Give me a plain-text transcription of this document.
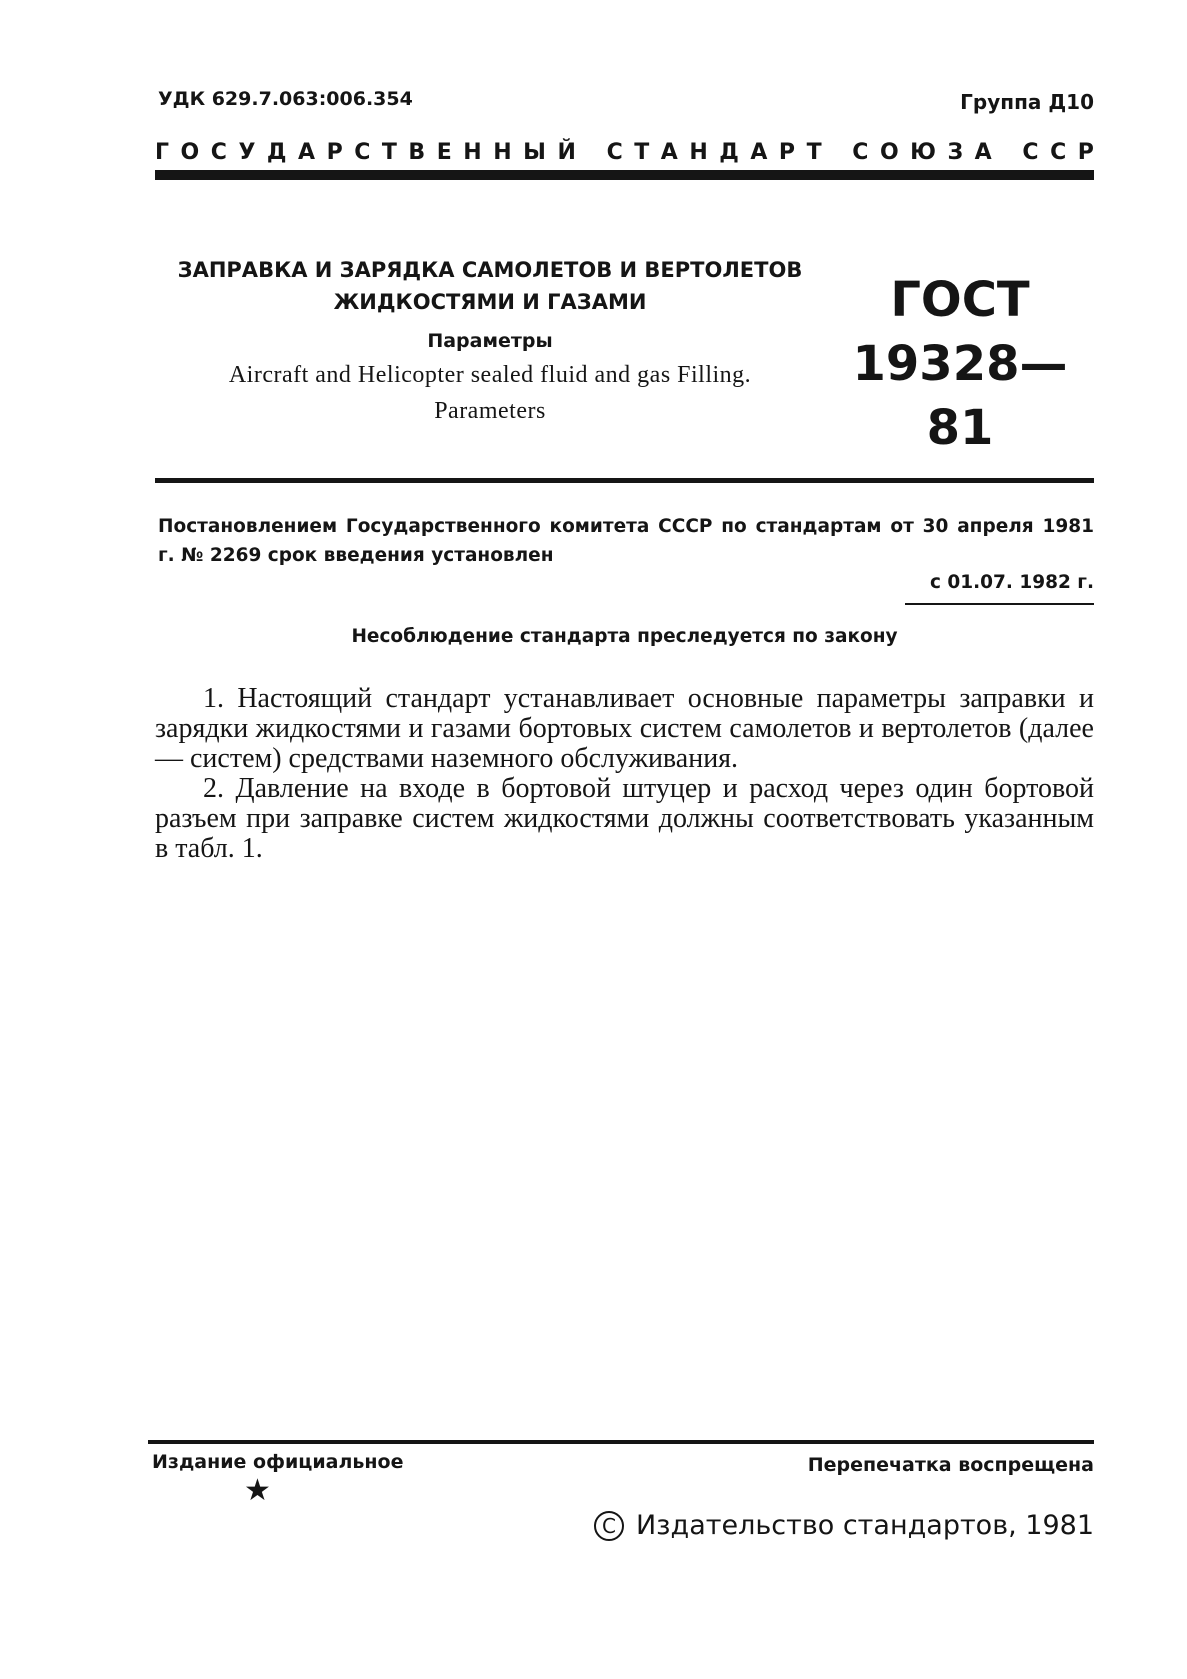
УДК 629.7.063:006.354	Группа Д10
Г О С У Д А Р С Т В Е Н Н Ы Й
С Т А Н Д А Р Т
С О Ю З А
С С Р
ЗАПРАВКА И ЗАРЯДКА САМОЛЕТОВ И ВЕРТОЛЕТОВ
ЖИДКОСТЯМИ И ГАЗАМИ
Параметры
Aircraft and Helicopter sealed fluid and gas Filling.
Parameters
ГОСТ
19328—81
Постановлением Государственного комитета СССР по стандартам от 30 апреля 1981 г. № 2269 срок введения установлен
с 01.07. 1982 г.
Несоблюдение стандарта преследуется по закону

1. Настоящий стандарт устанавливает основные параметры заправки и зарядки жидкостями и газами бортовых систем самолетов и вертолетов (далее — систем) средствами наземного обслуживания.

2. Давление на входе в бортовой штуцер и расход через один бортовой разъем при заправке систем жидкостями должны соответствовать указанным в табл. 1.

Издание официальное	Перепечатка воспрещена
★
C Издательство стандартов, 1981
